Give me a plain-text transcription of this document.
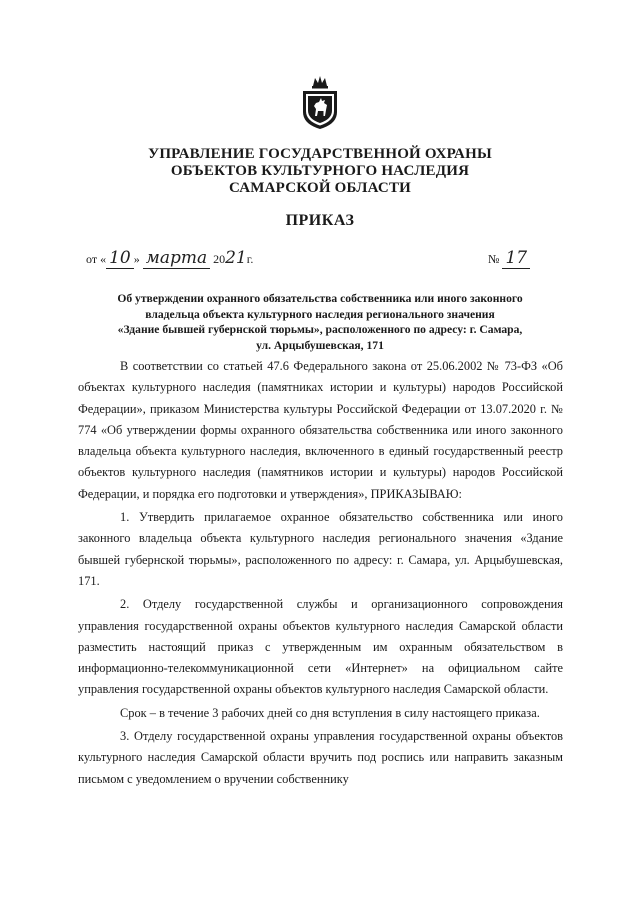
УПРАВЛЕНИЕ ГОСУДАРСТВЕННОЙ ОХРАНЫ
ОБЪЕКТОВ КУЛЬТУРНОГО НАСЛЕДИЯ
САМАРСКОЙ ОБЛАСТИ
ПРИКАЗ
от « 10 » марта 2021г.	№ 17
Об утверждении охранного обязательства собственника или иного законного
владельца объекта культурного наследия регионального значения
«Здание бывшей губернской тюрьмы», расположенного по адресу: г. Самара,
ул. Арцыбушевская, 171

В соответствии со статьей 47.6 Федерального закона от 25.06.2002 № 73-ФЗ «Об объектах культурного наследия (памятниках истории и культуры) народов Российской Федерации», приказом Министерства культуры Российской Федерации от 13.07.2020 г. № 774 «Об утверждении формы охранного обязательства собственника или иного законного владельца объекта культурного наследия, включенного в единый государственный реестр объектов культурного наследия (памятников истории и культуры) народов Российской Федерации, и порядка его подготовки и утверждения», ПРИКАЗЫВАЮ:

1. Утвердить прилагаемое охранное обязательство собственника или иного законного владельца объекта культурного наследия регионального значения «Здание бывшей губернской тюрьмы», расположенного по адресу: г. Самара, ул. Арцыбушевская, 171.

2. Отделу государственной службы и организационного сопровождения управления государственной охраны объектов культурного наследия Самарской области разместить настоящий приказ с утвержденным им охранным обязательством в информационно-телекоммуникационной сети «Интернет» на официальном сайте управления государственной охраны объектов культурного наследия Самарской области.

Срок – в течение 3 рабочих дней со дня вступления в силу настоящего приказа.

3. Отделу государственной охраны управления государственной охраны объектов культурного наследия Самарской области вручить под роспись или направить заказным письмом с уведомлением о вручении собственнику
